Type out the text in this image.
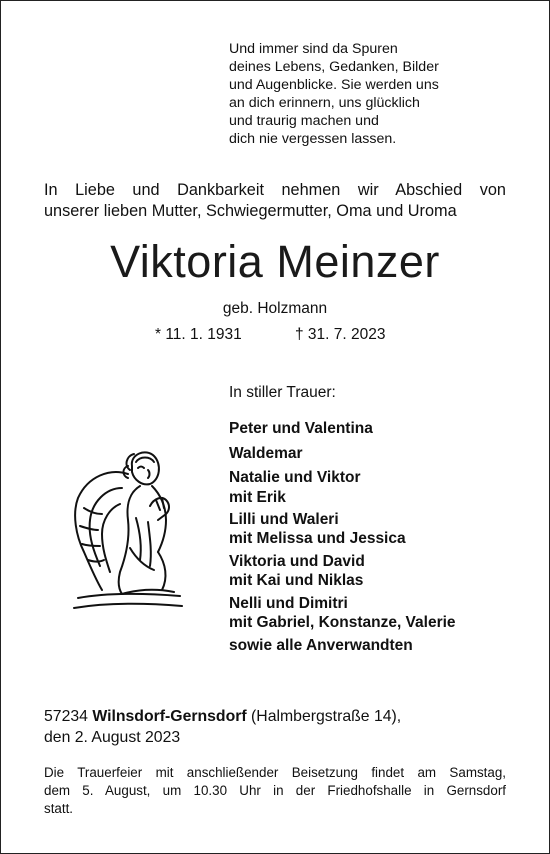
Und immer sind da Spuren
deines Lebens, Gedanken, Bilder
und Augenblicke. Sie werden uns
an dich erinnern, uns glücklich
und traurig machen und
dich nie vergessen lassen.
In Liebe und Dankbarkeit nehmen wir Abschied von
unserer lieben Mutter, Schwiegermutter, Oma und Uroma
Viktoria Meinzer
geb. Holzmann
* 11. 1. 1931	† 31. 7. 2023
In stiller Trauer:
Peter und Valentina
Waldemar
Natalie und Viktor
mit Erik
Lilli und Waleri
mit Melissa und Jessica
Viktoria und David
mit Kai und Niklas
Nelli und Dimitri
mit Gabriel, Konstanze, Valerie
sowie alle Anverwandten
57234 Wilnsdorf-Gernsdorf (Halmbergstraße 14),
den 2. August 2023
Die Trauerfeier mit anschließender Beisetzung findet am Samstag,
dem 5. August, um 10.30 Uhr in der Friedhofshalle in Gernsdorf
statt.
